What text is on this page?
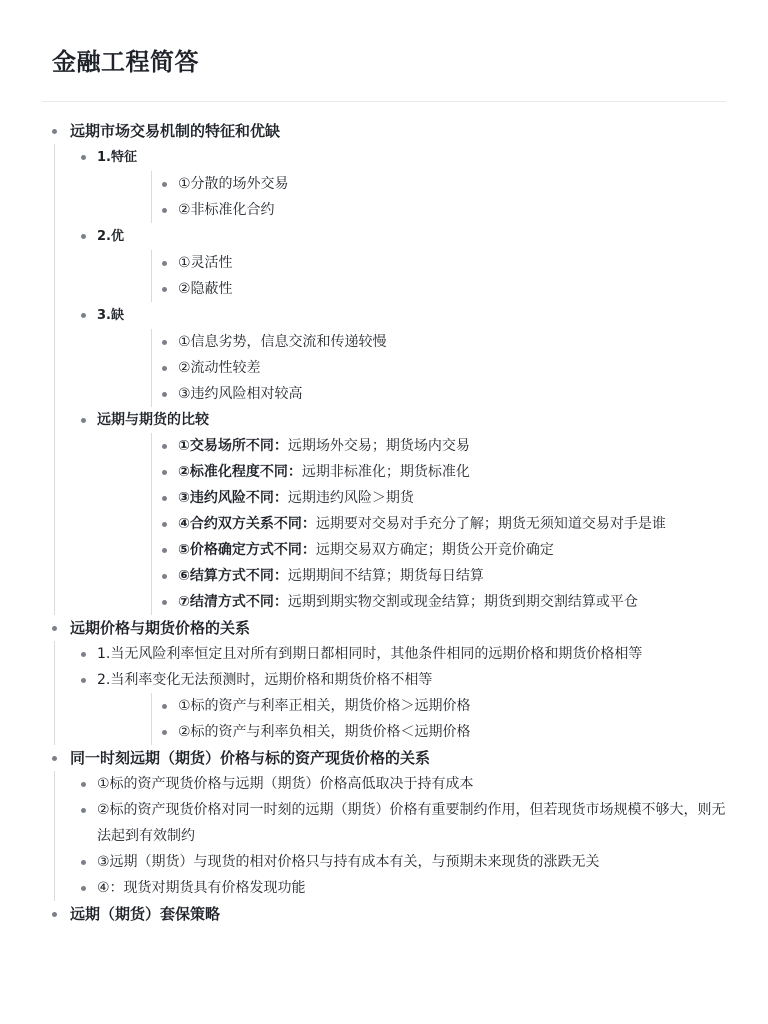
金融工程简答
远期市场交易机制的特征和优缺
1.特征
①分散的场外交易
②非标准化合约
2.优
①灵活性
②隐蔽性
3.缺
①信息劣势，信息交流和传递较慢
②流动性较差
③违约风险相对较高
远期与期货的比较
①交易场所不同：远期场外交易；期货场内交易
②标准化程度不同：远期非标准化；期货标准化
③违约风险不同：远期违约风险＞期货
④合约双方关系不同：远期要对交易对手充分了解；期货无须知道交易对手是谁
⑤价格确定方式不同：远期交易双方确定；期货公开竞价确定
⑥结算方式不同：远期期间不结算；期货每日结算
⑦结清方式不同：远期到期实物交割或现金结算；期货到期交割结算或平仓
远期价格与期货价格的关系
1.当无风险利率恒定且对所有到期日都相同时，其他条件相同的远期价格和期货价格相等
2.当利率变化无法预测时，远期价格和期货价格不相等
①标的资产与利率正相关，期货价格＞远期价格
②标的资产与利率负相关，期货价格＜远期价格
同一时刻远期（期货）价格与标的资产现货价格的关系
①标的资产现货价格与远期（期货）价格高低取决于持有成本
②标的资产现货价格对同一时刻的远期（期货）价格有重要制约作用，但若现货市场规模不够大，则无法起到有效制约
③远期（期货）与现货的相对价格只与持有成本有关，与预期未来现货的涨跌无关
④：现货对期货具有价格发现功能
远期（期货）套保策略
